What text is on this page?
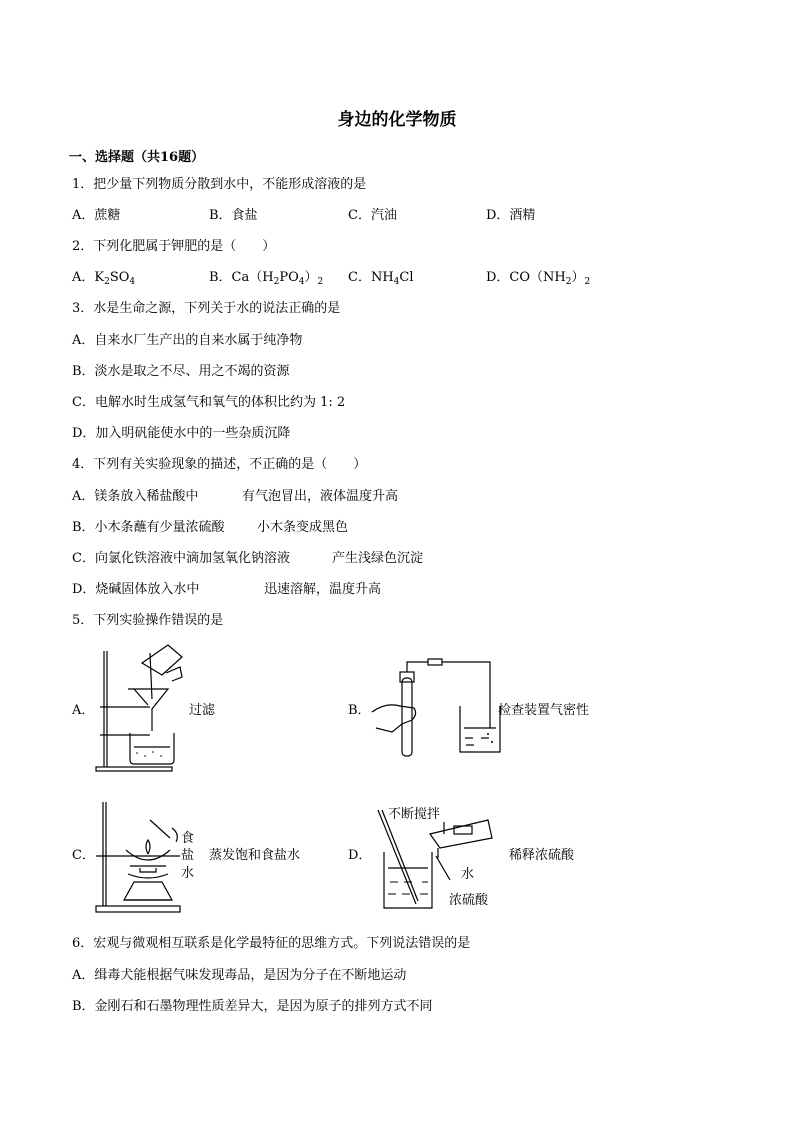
身边的化学物质
一、选择题（共16题）
1．把少量下列物质分散到水中，不能形成溶液的是
A．蔗糖	B．食盐	C．汽油	D．酒精
2．下列化肥属于钾肥的是（　　）
A．$K_2SO_4$	B．$Ca(H_2PO_4)_2$ C．$NH_4Cl$	D．$CO(NH_2)_2$
3．水是生命之源，下列关于水的说法正确的是
A．自来水厂生产出的自来水属于纯净物
B．淡水是取之不尽、用之不竭的资源
C．电解水时生成氢气和氧气的体积比约为 1: 2
D．加入明矾能使水中的一些杂质沉降
4．下列有关实验现象的描述，不正确的是（　　）
A．镁条放入稀盐酸中	有气泡冒出，液体温度升高
B．小木条蘸有少量浓硫酸 小木条变成黑色
C．向氯化铁溶液中滴加氢氧化钠溶液	产生浅绿色沉淀
D．烧碱固体放入水中	迅速溶解，温度升高
5．下列实验操作错误的是
A．	过滤	B．	检查装置气密性
C．
食
盐
水
蒸发饱和食盐水	D．
不断搅拌
水
浓硫酸
稀释浓硫酸
6．宏观与微观相互联系是化学最特征的思维方式。下列说法错误的是
A．缉毒犬能根据气味发现毒品，是因为分子在不断地运动
B．金刚石和石墨物理性质差异大，是因为原子的排列方式不同
